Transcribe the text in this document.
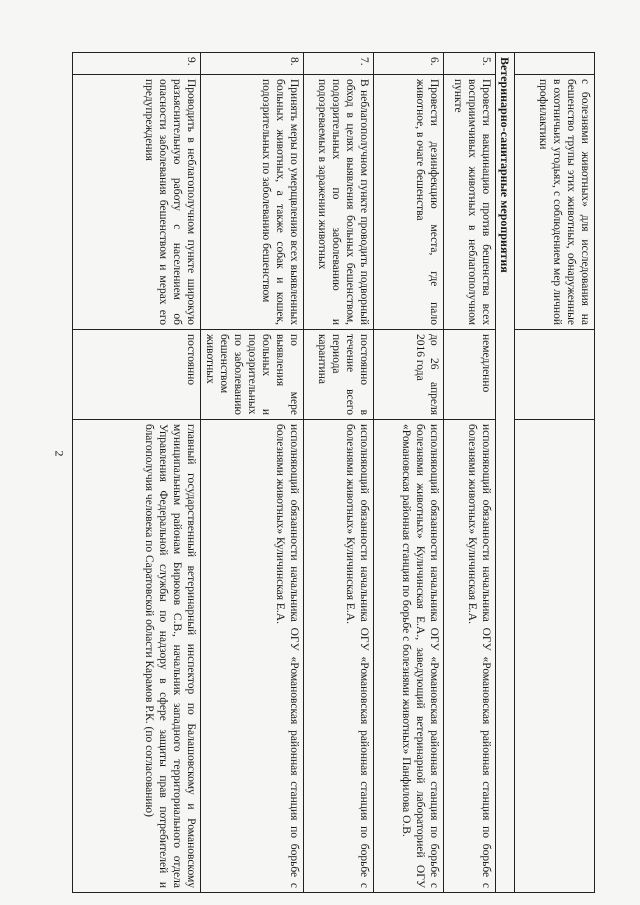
2
	с болезнями животных» для исследования на бешенство трупы этих животных, обнаруженные в охотничьих угодьях, с соблюдением мер личной профилактики		
Ветеринарно-санитарные мероприятия			
5.	Провести вакцинацию против бешенства всех восприимчивых животных в неблагополучном пункте	немедленно	исполняющий обязанности начальника ОГУ «Романовская районная станция по борьбе с болезнями животных» Куличинская Е.А.
6.	Провести дезинфекцию места, где пало животное, в очаге бешенства	до 26 апреля 2016 года	исполняющий обязанности начальника ОГУ «Романовская районная станция по борьбе с болезнями животных» Куличинская Е.А., заведующий ветеринарной лабораторией ОГУ «Романовская районная станция по борьбе с болезнями животных» Панфилова О.В.
7.	В неблагополучном пункте проводить подворный обход в целях выявления больных бешенством, подозрительных по заболеванию и подозреваемых в заражении животных	постоянно в течение всего периода карантина	исполняющий обязанности начальника ОГУ «Романовская районная станция по борьбе с болезнями животных» Куличинская Е.А.
8.	Принять меры по умерщвлению всех выявленных больных животных, а также собак и кошек, подозрительных по заболеванию бешенством	по мере выявления больных и подозрительных по заболеванию бешенством животных	исполняющий обязанности начальника ОГУ «Романовская районная станция по борьбе с болезнями животных» Куличинская Е.А.
9.	Проводить в неблагополучном пункте широкую разъяснительную работу с населением об опасности заболевания бешенством и мерах его предупреждения	постоянно	главный государственный ветеринарный инспектор по Балашовскому и Романовскому муниципальным районам Бирюков С.В., начальник западного территориального отдела Управления Федеральной службы по надзору в сфере защиты прав потребителей и благополучия человека по Саратовской области Карамов Р.К. (по согласованию)
